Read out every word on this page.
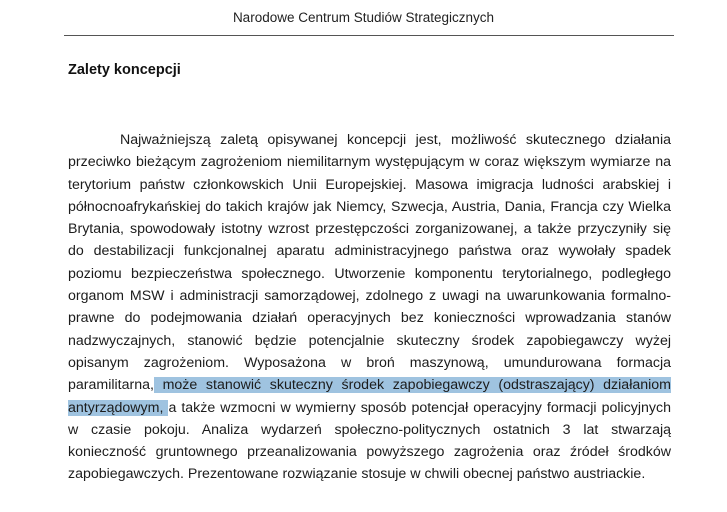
Narodowe Centrum Studiów Strategicznych
Zalety koncepcji

Najważniejszą zaletą opisywanej koncepcji jest, możliwość skutecznego działania przeciwko bieżącym zagrożeniom niemilitarnym występującym w coraz większym wymiarze na terytorium państw członkowskich Unii Europejskiej. Masowa imigracja ludności arabskiej i północnoafrykańskiej do takich krajów jak Niemcy, Szwecja, Austria, Dania, Francja czy Wielka Brytania, spowodowały istotny wzrost przestępczości zorganizowanej, a także przyczyniły się do destabilizacji funkcjonalnej aparatu administracyjnego państwa oraz wywołały spadek poziomu bezpieczeństwa społecznego. Utworzenie komponentu terytorialnego, podległego organom MSW i administracji samorządowej, zdolnego z uwagi na uwarunkowania formalno-prawne do podejmowania działań operacyjnych bez konieczności wprowadzania stanów nadzwyczajnych, stanowić będzie potencjalnie skuteczny środek zapobiegawczy wyżej opisanym zagrożeniom. Wyposażona w broń maszynową, umundurowana formacja paramilitarna, może stanowić skuteczny środek zapobiegawczy (odstraszający) działaniom antyrządowym, a także wzmocni w wymierny sposób potencjał operacyjny formacji policyjnych w czasie pokoju. Analiza wydarzeń społeczno-politycznych ostatnich 3 lat stwarzają konieczność gruntownego przeanalizowania powyższego zagrożenia oraz źródeł środków zapobiegawczych. Prezentowane rozwiązanie stosuje w chwili obecnej państwo austriackie.
